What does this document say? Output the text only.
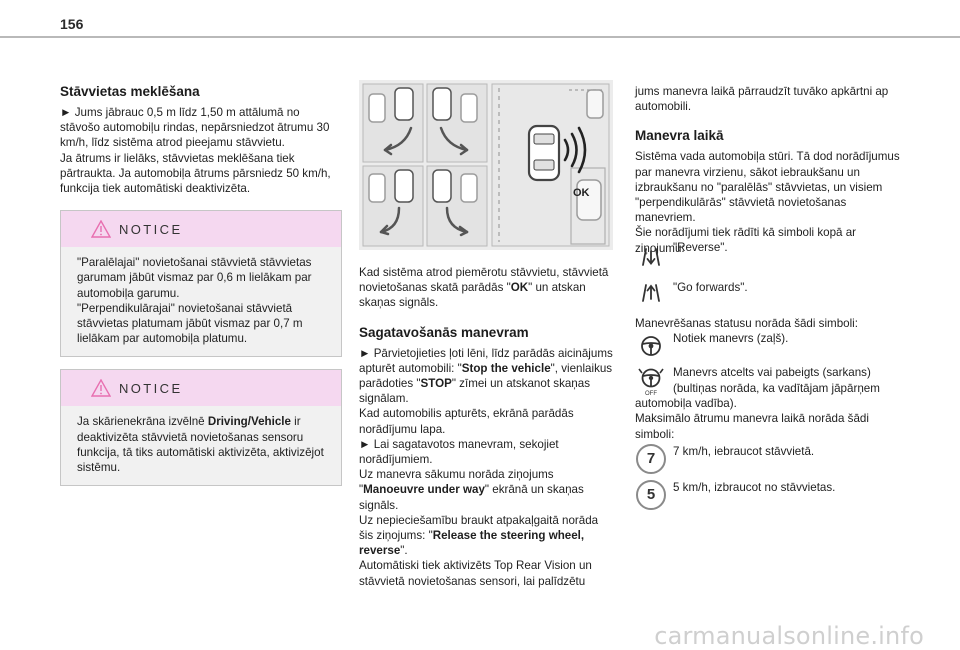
156
Stāvvietas meklēšana

► Jums jābrauc 0,5 m līdz 1,50 m attālumā no stāvošo automobiļu rindas, nepārsniedzot ātrumu 30 km/h, līdz sistēma atrod pieejamu stāvvietu.

Ja ātrums ir lielāks, stāvvietas meklēšana tiek pārtraukta. Ja automobiļa ātrums pārsniedz 50 km/h, funkcija tiek automātiski deaktivizēta.

NOTICE
"Paralēlajai" novietošanai stāvvietā stāvvietas garumam jābūt vismaz par 0,6 m lielākam par automobiļa garumu.
"Perpendikulārajai" novietošanai stāvvietā stāvvietas platumam jābūt vismaz par 0,7 m lielākam par automobiļa platumu.
NOTICE
Ja skārienekrāna izvēlnē Driving/Vehicle ir deaktivizēta stāvvietā novietošanas sensoru funkcija, tā tiks automātiski aktivizēta, aktivizējot sistēmu.
OK

Kad sistēma atrod piemērotu stāvvietu, stāvvietā novietošanas skatā parādās "OK" un atskan skaņas signāls.

Sagatavošanās manevram

► Pārvietojieties ļoti lēni, līdz parādās aicinājums apturēt automobili: "Stop the vehicle", vienlaikus parādoties "STOP" zīmei un atskanot skaņas signālam.

Kad automobilis apturēts, ekrānā parādās norādījumu lapa.

► Lai sagatavotos manevram, sekojiet norādījumiem.

Uz manevra sākumu norāda ziņojums "Manoeuvre under way" ekrānā un skaņas signāls.

Uz nepieciešamību braukt atpakaļgaitā norāda šis ziņojums: "Release the steering wheel, reverse".

Automātiski tiek aktivizēts Top Rear Vision un stāvvietā novietošanas sensori, lai palīdzētu

jums manevra laikā pārraudzīt tuvāko apkārtni ap automobili.

Manevra laikā

Sistēma vada automobiļa stūri. Tā dod norādījumus par manevra virzienu, sākot iebraukšanu un izbraukšanu no "paralēlās" stāvvietas, un visiem "perpendikulārās" stāvvietā novietošanas manevriem.

Šie norādījumi tiek rādīti kā simboli kopā ar ziņojumu:

"Reverse".
"Go forwards".

Manevrēšanas statusu norāda šādi simboli:

Notiek manevrs (zaļš).
OFF
Manevrs atcelts vai pabeigts (sarkans)

(bultiņas norāda, ka vadītājam jāpārņem automobiļa vadība).

Maksimālo ātrumu manevra laikā norāda šādi simboli:

7	7 km/h, iebraucot stāvvietā.
5	5 km/h, izbraucot no stāvvietas.
carmanualsonline.info
